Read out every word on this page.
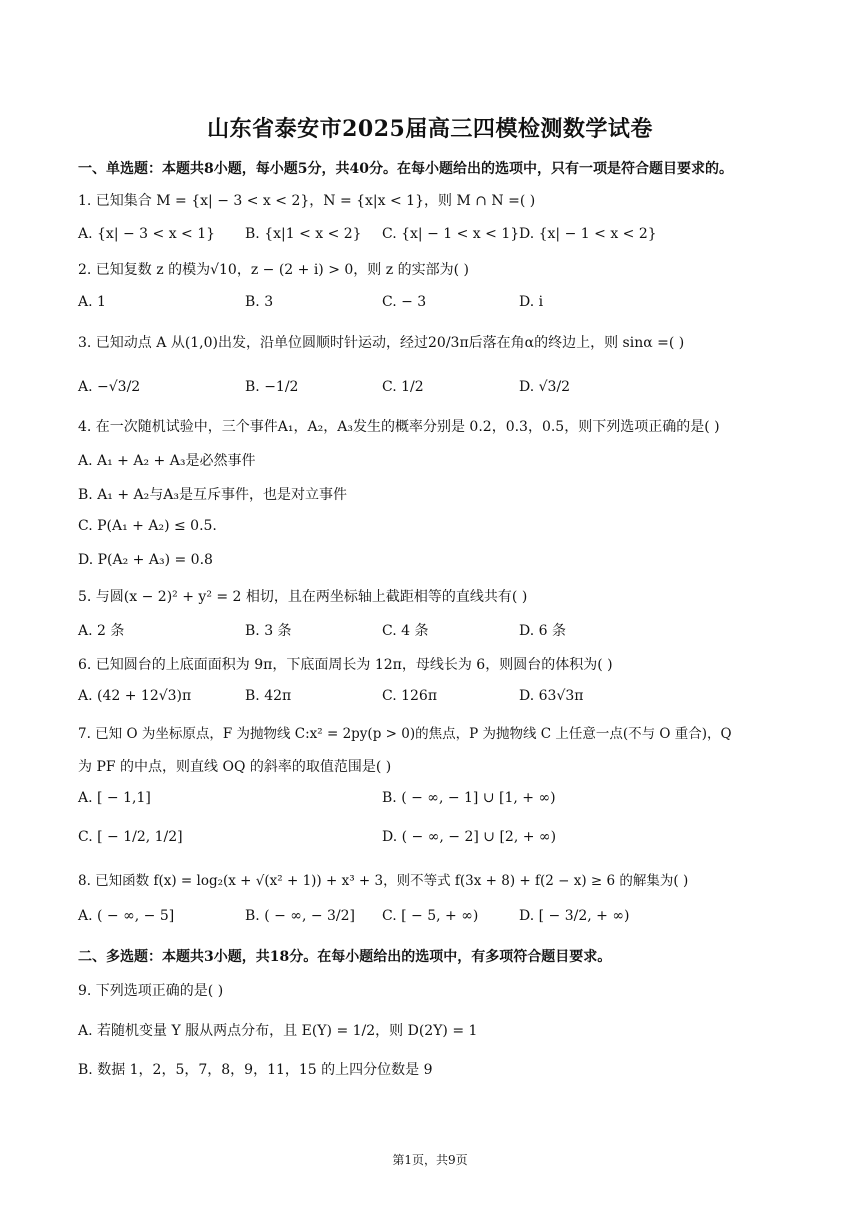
山东省泰安市2025届高三四模检测数学试卷
一、单选题：本题共8小题，每小题5分，共40分。在每小题给出的选项中，只有一项是符合题目要求的。
1. 已知集合 M = {x| − 3 < x < 2}，N = {x|x < 1}，则 M ∩ N =( )
A. {x| − 3 < x < 1} B. {x|1 < x < 2} C. {x| − 1 < x < 1} D. {x| − 1 < x < 2}
2. 已知复数 z 的模为√10，z − (2 + i) > 0，则 z 的实部为( )
A. 1	B. 3	C. − 3	D. i
3. 已知动点 A 从(1,0)出发，沿单位圆顺时针运动，经过20/3π后落在角α的终边上，则 sinα =( )
A. −√3/2	B. −1/2	C. 1/2	D. √3/2
4. 在一次随机试验中，三个事件A₁，A₂，A₃发生的概率分别是 0.2，0.3，0.5，则下列选项正确的是( )
A. A₁ + A₂ + A₃是必然事件
B. A₁ + A₂与A₃是互斥事件，也是对立事件
C. P(A₁ + A₂) ≤ 0.5.
D. P(A₂ + A₃) = 0.8
5. 与圆(x − 2)² + y² = 2 相切，且在两坐标轴上截距相等的直线共有( )
A. 2 条	B. 3 条	C. 4 条	D. 6 条
6. 已知圆台的上底面面积为 9π，下底面周长为 12π，母线长为 6，则圆台的体积为( )
A. (42 + 12√3)π	B. 42π	C. 126π	D. 63√3π
7. 已知 O 为坐标原点，F 为抛物线 C:x² = 2py(p > 0)的焦点，P 为抛物线 C 上任意一点(不与 O 重合)，Q
为 PF 的中点，则直线 OQ 的斜率的取值范围是( )
A. [ − 1,1]	B. ( − ∞, − 1] ∪ [1, + ∞)
C. [ − 1/2, 1/2]	D. ( − ∞, − 2] ∪ [2, + ∞)
8. 已知函数 f(x) = log₂(x + √(x² + 1)) + x³ + 3，则不等式 f(3x + 8) + f(2 − x) ≥ 6 的解集为( )
A. ( − ∞, − 5]	B. ( − ∞, − 3/2] C. [ − 5, + ∞)	D. [ − 3/2, + ∞)
二、多选题：本题共3小题，共18分。在每小题给出的选项中，有多项符合题目要求。
9. 下列选项正确的是( )
A. 若随机变量 Y 服从两点分布，且 E(Y) = 1/2，则 D(2Y) = 1
B. 数据 1，2，5，7，8，9，11，15 的上四分位数是 9
第1页，共9页
